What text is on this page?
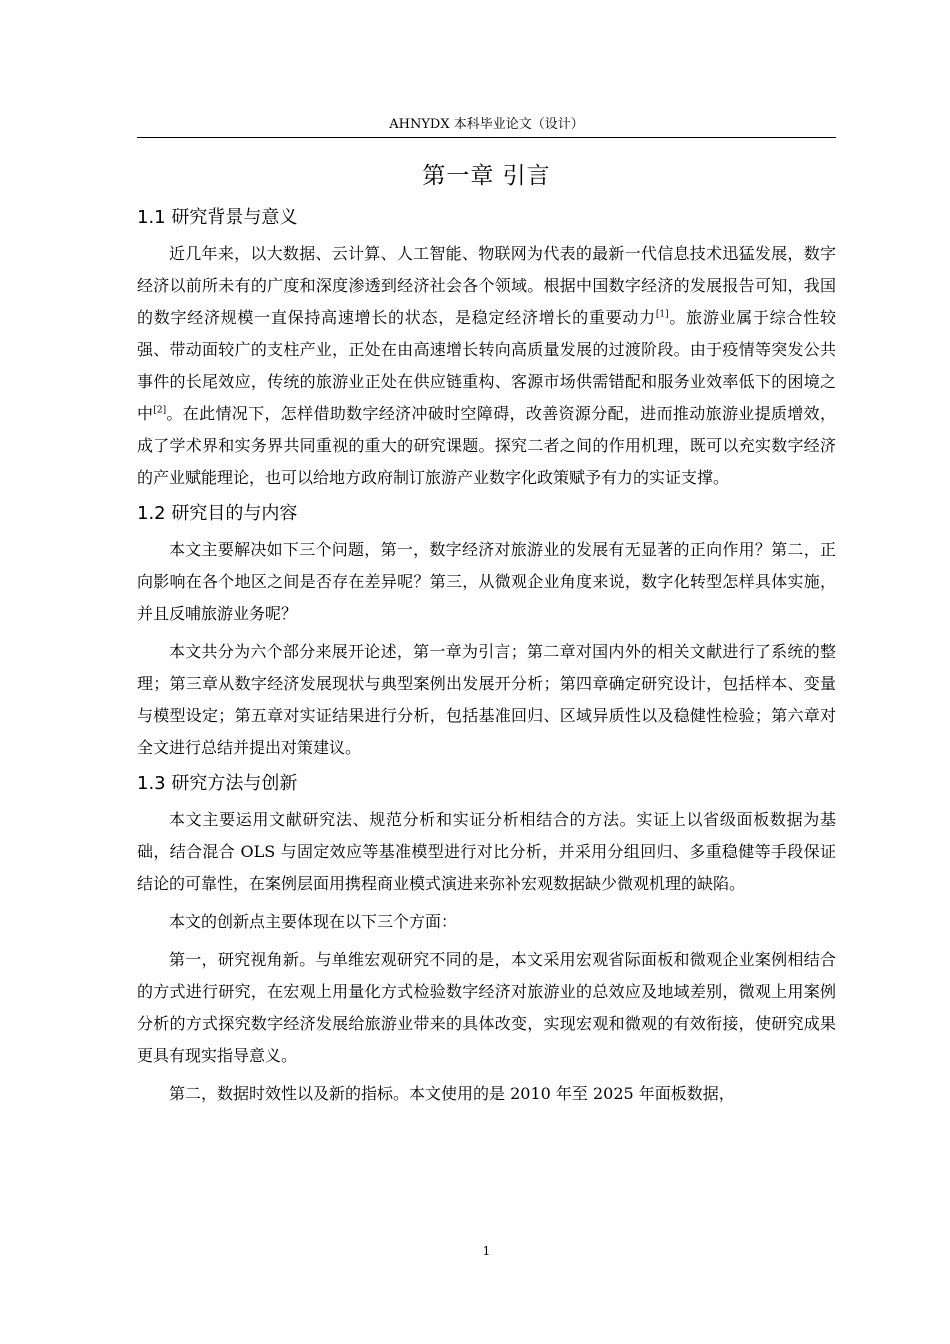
AHNYDX 本科毕业论文（设计）
第一章 引言
1.1 研究背景与意义

近几年来，以大数据、云计算、人工智能、物联网为代表的最新一代信息技术迅猛发展，数字经济以前所未有的广度和深度渗透到经济社会各个领域。根据中国数字经济的发展报告可知，我国的数字经济规模一直保持高速增长的状态，是稳定经济增长的重要动力[1]。旅游业属于综合性较强、带动面较广的支柱产业，正处在由高速增长转向高质量发展的过渡阶段。由于疫情等突发公共事件的长尾效应，传统的旅游业正处在供应链重构、客源市场供需错配和服务业效率低下的困境之中[2]。在此情况下，怎样借助数字经济冲破时空障碍，改善资源分配，进而推动旅游业提质增效，成了学术界和实务界共同重视的重大的研究课题。探究二者之间的作用机理，既可以充实数字经济的产业赋能理论，也可以给地方政府制订旅游产业数字化政策赋予有力的实证支撑。

1.2 研究目的与内容

本文主要解决如下三个问题，第一，数字经济对旅游业的发展有无显著的正向作用？第二，正向影响在各个地区之间是否存在差异呢？第三，从微观企业角度来说，数字化转型怎样具体实施，并且反哺旅游业务呢？

本文共分为六个部分来展开论述，第一章为引言；第二章对国内外的相关文献进行了系统的整理；第三章从数字经济发展现状与典型案例出发展开分析；第四章确定研究设计，包括样本、变量与模型设定；第五章对实证结果进行分析，包括基准回归、区域异质性以及稳健性检验；第六章对全文进行总结并提出对策建议。

1.3 研究方法与创新

本文主要运用文献研究法、规范分析和实证分析相结合的方法。实证上以省级面板数据为基础，结合混合 OLS 与固定效应等基准模型进行对比分析，并采用分组回归、多重稳健等手段保证结论的可靠性，在案例层面用携程商业模式演进来弥补宏观数据缺少微观机理的缺陷。

本文的创新点主要体现在以下三个方面：

第一，研究视角新。与单维宏观研究不同的是，本文采用宏观省际面板和微观企业案例相结合的方式进行研究，在宏观上用量化方式检验数字经济对旅游业的总效应及地域差别，微观上用案例分析的方式探究数字经济发展给旅游业带来的具体改变，实现宏观和微观的有效衔接，使研究成果更具有现实指导意义。

第二，数据时效性以及新的指标。本文使用的是 2010 年至 2025 年面板数据，

1
